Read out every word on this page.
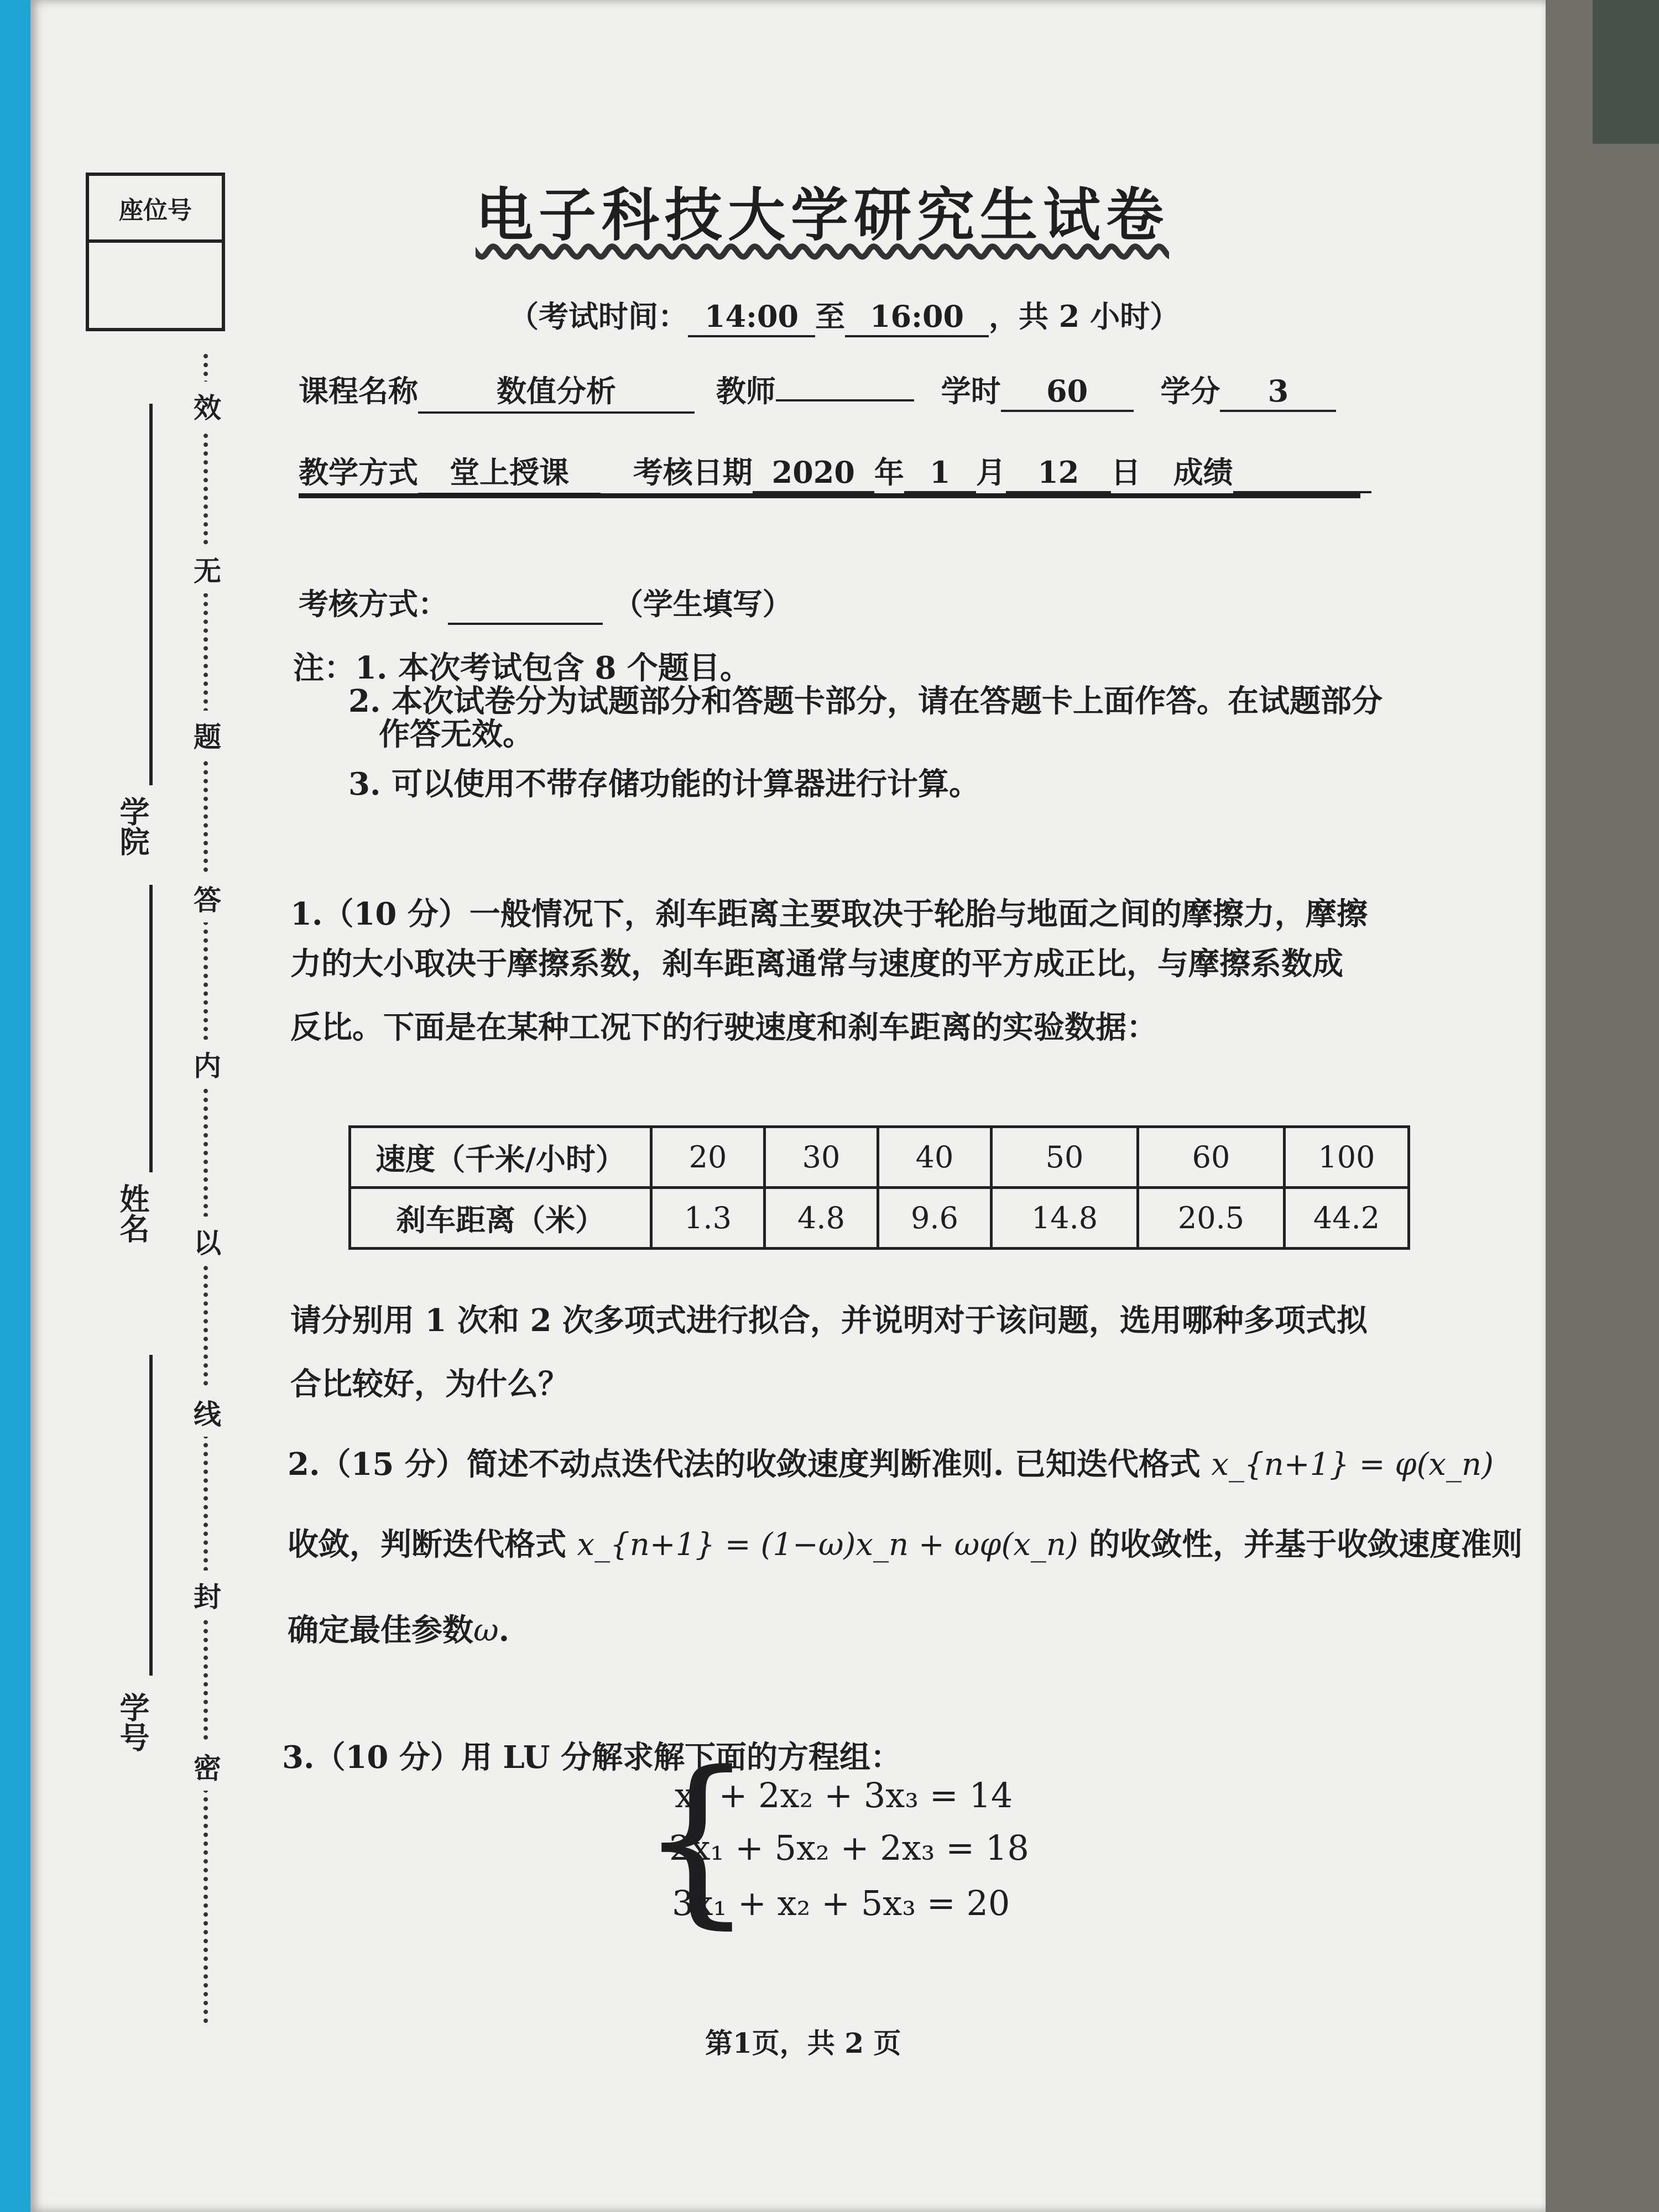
座位号
学院
姓名
学号
密
封
线
以
内
答
题
无
效
电子科技大学研究生试卷
（考试时间： 14:00 至 16:00 ，共 2 小时）
课程名称	数值分析	教师	学时 60 学分 3
教学方式 堂上授课 考核日期 2020 年 1 月 12 日 成绩
考核方式：	（学生填写）
注：1. 本次考试包含 8 个题目。
2. 本次试卷分为试题部分和答题卡部分，请在答题卡上面作答。在试题部分
作答无效。
3. 可以使用不带存储功能的计算器进行计算。
1.（10 分）一般情况下，刹车距离主要取决于轮胎与地面之间的摩擦力，摩擦
力的大小取决于摩擦系数，刹车距离通常与速度的平方成正比，与摩擦系数成
反比。下面是在某种工况下的行驶速度和刹车距离的实验数据：
速度（千米/小时）	20	30	40	50	60	100
刹车距离（米）	1.3	4.8	9.6	14.8	20.5	44.2
请分别用 1 次和 2 次多项式进行拟合，并说明对于该问题，选用哪种多项式拟
合比较好，为什么？
2.（15 分）简述不动点迭代法的收敛速度判断准则. 已知迭代格式 x_{n+1} = φ(x_n)
收敛，判断迭代格式 x_{n+1} = (1−ω)x_n + ωφ(x_n) 的收敛性，并基于收敛速度准则
确定最佳参数ω.
3.（10 分）用 LU 分解求解下面的方程组：
{
x₁ + 2x₂ + 3x₃ = 14
2x₁ + 5x₂ + 2x₃ = 18
3x₁ + x₂ + 5x₃ = 20
第1页，共 2 页
